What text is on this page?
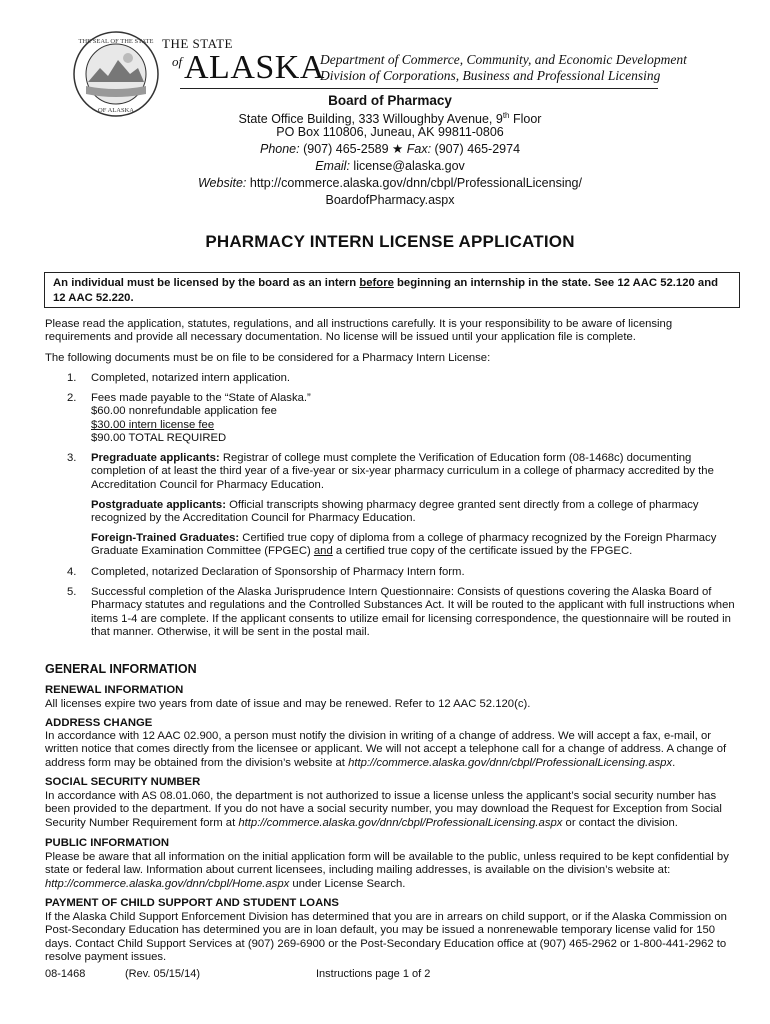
THE SEAL OF THE STATE
OF ALASKA
THE STATE
of ALASKA
Department of Commerce, Community, and Economic Development
Division of Corporations, Business and Professional Licensing
Board of Pharmacy
State Office Building, 333 Willoughby Avenue, 9th Floor
PO Box 110806, Juneau, AK 99811-0806
Phone: (907) 465-2589 ★ Fax: (907) 465-2974
Email: license@alaska.gov
Website: http://commerce.alaska.gov/dnn/cbpl/ProfessionalLicensing/
BoardofPharmacy.aspx
PHARMACY INTERN LICENSE APPLICATION
An individual must be licensed by the board as an intern before beginning an internship in the state. See 12 AAC 52.120 and 12 AAC 52.220.
Please read the application, statutes, regulations, and all instructions carefully. It is your responsibility to be aware of licensing requirements and provide all necessary documentation. No license will be issued until your application file is complete.
The following documents must be on file to be considered for a Pharmacy Intern License:
1.	Completed, notarized intern application.
2.	Fees made payable to the “State of Alaska.”
$60.00 nonrefundable application fee
$30.00 intern license fee
$90.00 TOTAL REQUIRED
3.	Pregraduate applicants: Registrar of college must complete the Verification of Education form (08-1468c) documenting completion of at least the third year of a five-year or six-year pharmacy curriculum in a college of pharmacy accredited by the Accreditation Council for Pharmacy Education.
Postgraduate applicants: Official transcripts showing pharmacy degree granted sent directly from a college of pharmacy recognized by the Accreditation Council for Pharmacy Education.
Foreign-Trained Graduates: Certified true copy of diploma from a college of pharmacy recognized by the Foreign Pharmacy Graduate Examination Committee (FPGEC) and a certified true copy of the certificate issued by the FPGEC.
4.	Completed, notarized Declaration of Sponsorship of Pharmacy Intern form.
5.	Successful completion of the Alaska Jurisprudence Intern Questionnaire: Consists of questions covering the Alaska Board of Pharmacy statutes and regulations and the Controlled Substances Act. It will be routed to the applicant with full instructions when items 1-4 are complete. If the applicant consents to utilize email for licensing correspondence, the questionnaire will be routed in that manner. Otherwise, it will be sent in the postal mail.
GENERAL INFORMATION
RENEWAL INFORMATION
All licenses expire two years from date of issue and may be renewed. Refer to 12 AAC 52.120(c).
ADDRESS CHANGE
In accordance with 12 AAC 02.900, a person must notify the division in writing of a change of address. We will accept a fax, e-mail, or written notice that comes directly from the licensee or applicant. We will not accept a telephone call for a change of address. A change of address form may be obtained from the division’s website at http://commerce.alaska.gov/dnn/cbpl/ProfessionalLicensing.aspx.
SOCIAL SECURITY NUMBER
In accordance with AS 08.01.060, the department is not authorized to issue a license unless the applicant’s social security number has been provided to the department. If you do not have a social security number, you may download the Request for Exception from Social Security Number Requirement form at http://commerce.alaska.gov/dnn/cbpl/ProfessionalLicensing.aspx or contact the division.
PUBLIC INFORMATION
Please be aware that all information on the initial application form will be available to the public, unless required to be kept confidential by state or federal law. Information about current licensees, including mailing addresses, is available on the division’s website at: http://commerce.alaska.gov/dnn/cbpl/Home.aspx under License Search.
PAYMENT OF CHILD SUPPORT AND STUDENT LOANS
If the Alaska Child Support Enforcement Division has determined that you are in arrears on child support, or if the Alaska Commission on Post-Secondary Education has determined you are in loan default, you may be issued a nonrenewable temporary license valid for 150 days. Contact Child Support Services at (907) 269-6900 or the Post-Secondary Education office at (907) 465-2962 or 1-800-441-2962 to resolve payment issues.
08-1468	(Rev. 05/15/14)	Instructions page 1 of 2
